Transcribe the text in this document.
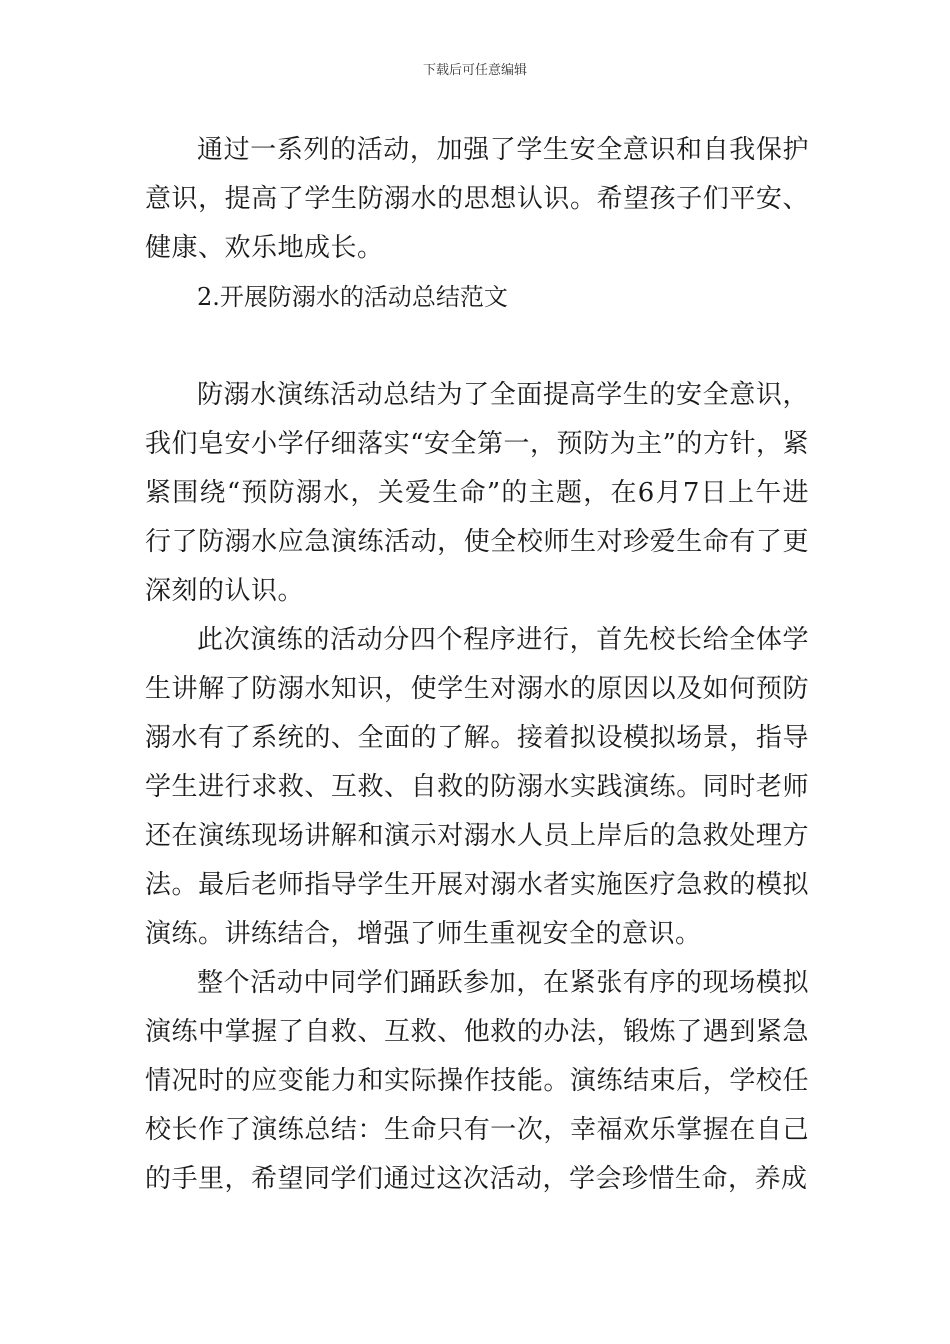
下载后可任意编辑

通过一系列的活动，加强了学生安全意识和自我保护意识，提高了学生防溺水的思想认识。希望孩子们平安、健康、欢乐地成长。

2.开展防溺水的活动总结范文

防溺水演练活动总结为了全面提高学生的安全意识，我们皂安小学仔细落实“安全第一，预防为主”的方针，紧紧围绕“预防溺水，关爱生命”的主题，在6月7日上午进行了防溺水应急演练活动，使全校师生对珍爱生命有了更深刻的认识。

此次演练的活动分四个程序进行，首先校长给全体学生讲解了防溺水知识，使学生对溺水的原因以及如何预防溺水有了系统的、全面的了解。接着拟设模拟场景，指导学生进行求救、互救、自救的防溺水实践演练。同时老师还在演练现场讲解和演示对溺水人员上岸后的急救处理方法。最后老师指导学生开展对溺水者实施医疗急救的模拟演练。讲练结合，增强了师生重视安全的意识。

整个活动中同学们踊跃参加，在紧张有序的现场模拟演练中掌握了自救、互救、他救的办法，锻炼了遇到紧急情况时的应变能力和实际操作技能。演练结束后，学校任校长作了演练总结：生命只有一次，幸福欢乐掌握在自己的手里，希望同学们通过这次活动，学会珍惜生命，养成
